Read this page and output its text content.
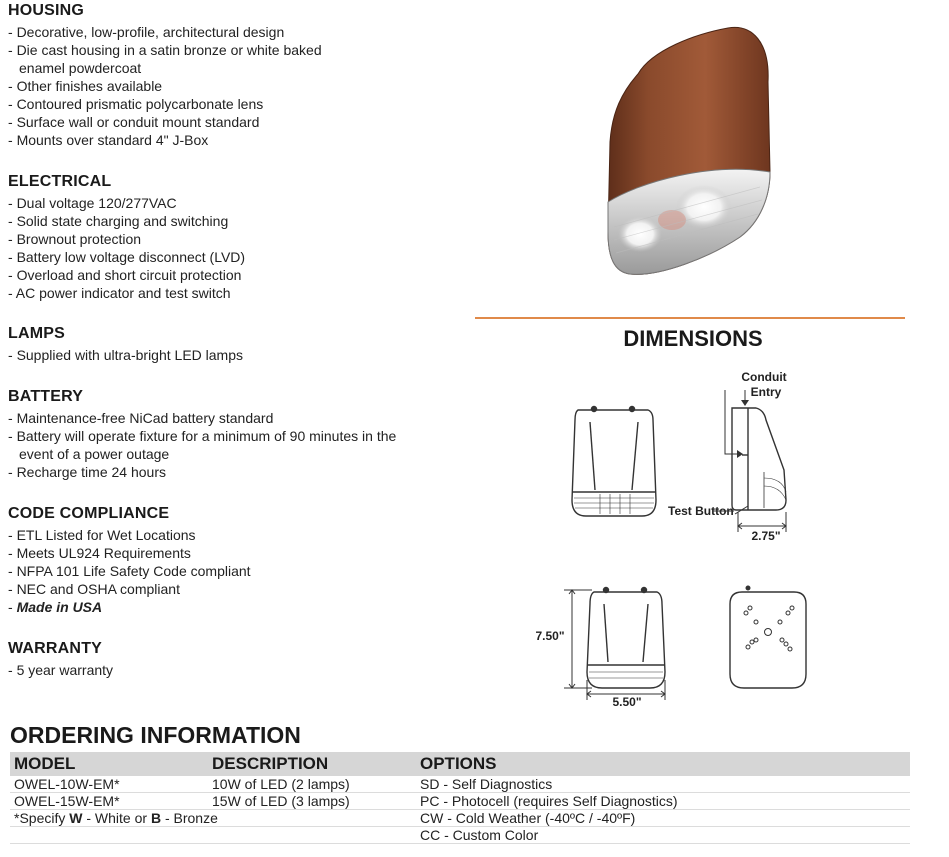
HOUSING
- Decorative, low-profile, architectural design
- Die cast housing in a satin bronze or white baked enamel powdercoat
- Other finishes available
- Contoured prismatic polycarbonate lens
- Surface wall or conduit mount standard
- Mounts over standard 4" J-Box
ELECTRICAL
- Dual voltage 120/277VAC
- Solid state charging and switching
- Brownout protection
- Battery low voltage disconnect (LVD)
- Overload and short circuit protection
- AC power indicator and test switch
LAMPS
- Supplied with ultra-bright LED lamps
BATTERY
- Maintenance-free NiCad battery standard
- Battery will operate fixture for a minimum of 90 minutes in the event of a power outage
- Recharge time 24 hours
CODE COMPLIANCE
- ETL Listed for Wet Locations
- Meets UL924 Requirements
- NFPA 101 Life Safety Code compliant
- NEC and OSHA compliant
- Made in USA
WARRANTY
- 5 year warranty
DIMENSIONS
Conduit
Entry
Test Button
2.75"
7.50"
5.50"
ORDERING INFORMATION
MODEL	DESCRIPTION	OPTIONS
OWEL-10W-EM*	10W of LED (2 lamps)	SD - Self Diagnostics
OWEL-15W-EM*	15W of LED (3 lamps)	PC - Photocell (requires Self Diagnostics)
*Specify W - White or B - Bronze		CW - Cold Weather (-40ºC / -40ºF)
		CC - Custom Color
